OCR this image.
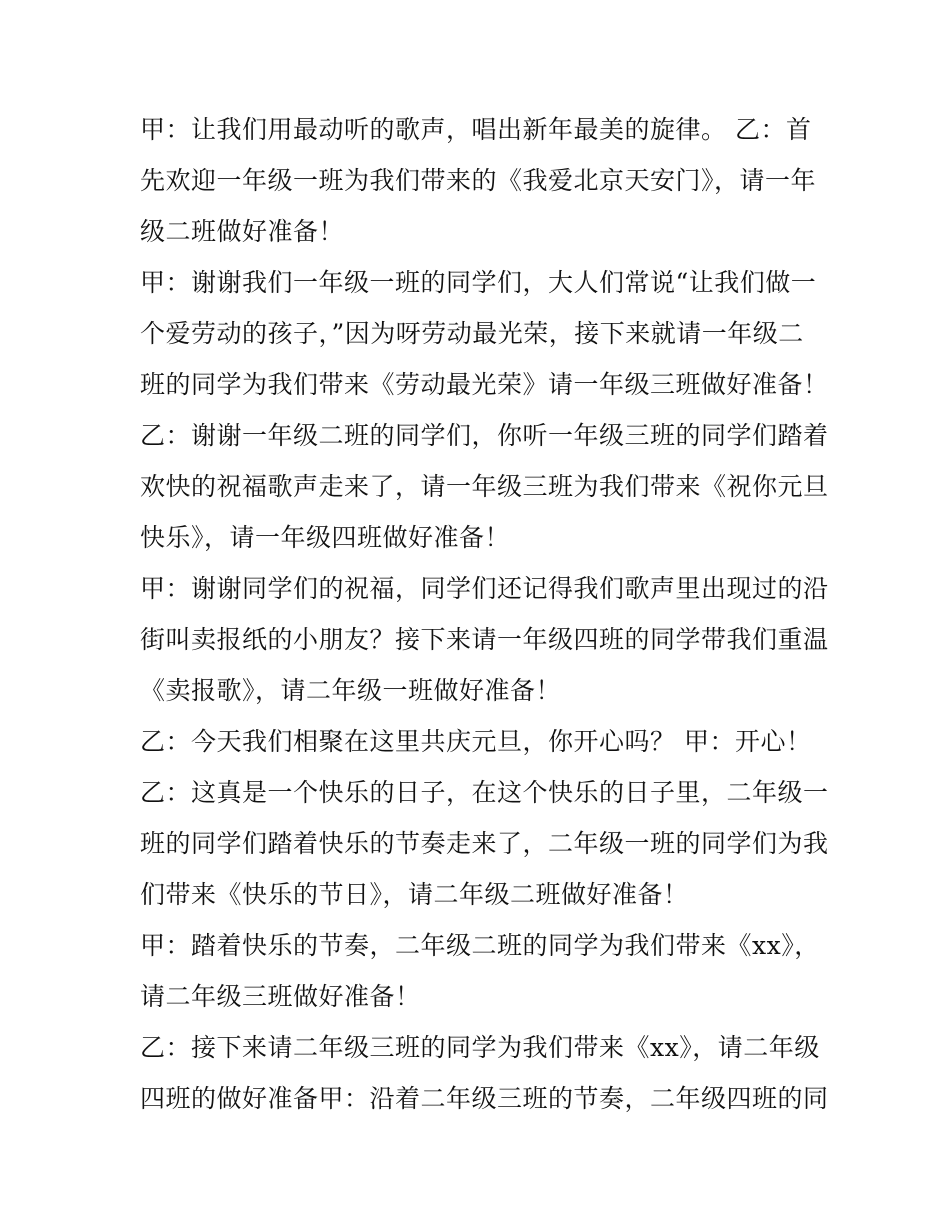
甲：让我们用最动听的歌声，唱出新年最美的旋律。 乙：首
先欢迎一年级一班为我们带来的《我爱北京天安门》，请一年
级二班做好准备！
甲：谢谢我们一年级一班的同学们，大人们常说“让我们做一
个爱劳动的孩子，”因为呀劳动最光荣，接下来就请一年级二
班的同学为我们带来《劳动最光荣》请一年级三班做好准备！
乙：谢谢一年级二班的同学们，你听一年级三班的同学们踏着
欢快的祝福歌声走来了，请一年级三班为我们带来《祝你元旦
快乐》，请一年级四班做好准备！
甲：谢谢同学们的祝福，同学们还记得我们歌声里出现过的沿
街叫卖报纸的小朋友？接下来请一年级四班的同学带我们重温
《卖报歌》，请二年级一班做好准备！
乙：今天我们相聚在这里共庆元旦，你开心吗？ 甲：开心！
乙：这真是一个快乐的日子，在这个快乐的日子里，二年级一
班的同学们踏着快乐的节奏走来了，二年级一班的同学们为我
们带来《快乐的节日》，请二年级二班做好准备！
甲：踏着快乐的节奏，二年级二班的同学为我们带来《xx》，
请二年级三班做好准备！
乙：接下来请二年级三班的同学为我们带来《xx》，请二年级
四班的做好准备甲：沿着二年级三班的节奏，二年级四班的同
